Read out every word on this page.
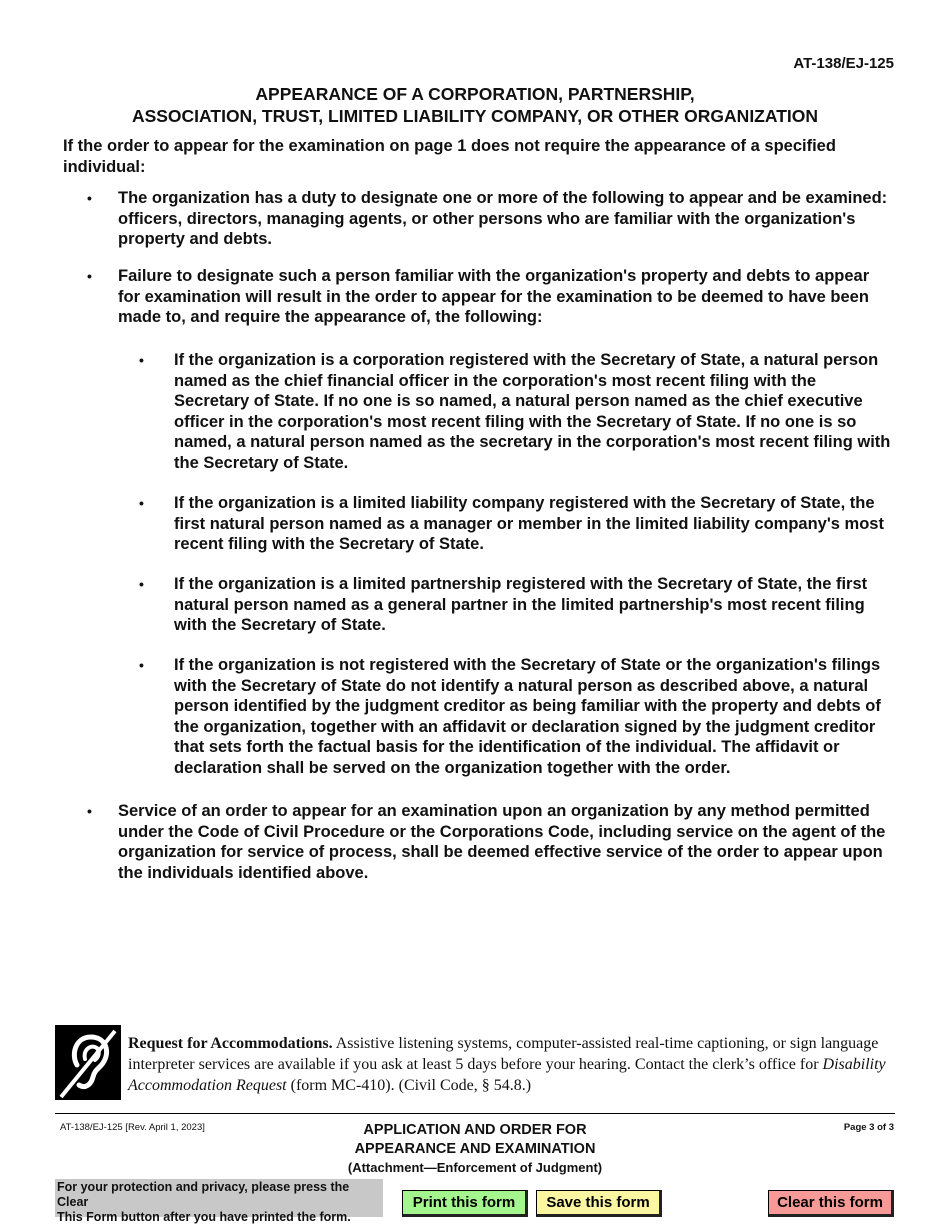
AT-138/EJ-125
APPEARANCE OF A CORPORATION, PARTNERSHIP,
ASSOCIATION, TRUST, LIMITED LIABILITY COMPANY, OR OTHER ORGANIZATION
If the order to appear for the examination on page 1 does not require the appearance of a specified individual:
• The organization has a duty to designate one or more of the following to appear and be examined: officers, directors, managing agents, or other persons who are familiar with the organization's property and debts.
• Failure to designate such a person familiar with the organization's property and debts to appear for examination will result in the order to appear for the examination to be deemed to have been made to, and require the appearance of, the following:
• If the organization is a corporation registered with the Secretary of State, a natural person named as the chief financial officer in the corporation's most recent filing with the Secretary of State. If no one is so named, a natural person named as the chief executive officer in the corporation's most recent filing with the Secretary of State. If no one is so named, a natural person named as the secretary in the corporation's most recent filing with the Secretary of State.
• If the organization is a limited liability company registered with the Secretary of State, the first natural person named as a manager or member in the limited liability company's most recent filing with the Secretary of State.
• If the organization is a limited partnership registered with the Secretary of State, the first natural person named as a general partner in the limited partnership's most recent filing with the Secretary of State.
• If the organization is not registered with the Secretary of State or the organization's filings with the Secretary of State do not identify a natural person as described above, a natural person identified by the judgment creditor as being familiar with the property and debts of the organization, together with an affidavit or declaration signed by the judgment creditor that sets forth the factual basis for the identification of the individual. The affidavit or declaration shall be served on the organization together with the order.
• Service of an order to appear for an examination upon an organization by any method permitted under the Code of Civil Procedure or the Corporations Code, including service on the agent of the organization for service of process, shall be deemed effective service of the order to appear upon the individuals identified above.
Request for Accommodations. Assistive listening systems, computer-assisted real-time captioning, or sign language interpreter services are available if you ask at least 5 days before your hearing. Contact the clerk’s office for Disability Accommodation Request (form MC-410). (Civil Code, § 54.8.)
AT-138/EJ-125 [Rev. April 1, 2023]	APPLICATION AND ORDER FOR
APPEARANCE AND EXAMINATION
(Attachment—Enforcement of Judgment)
Page 3 of 3
For your protection and privacy, please press the Clear
This Form button after you have printed the form.
Print this form	Save this form	Clear this form
